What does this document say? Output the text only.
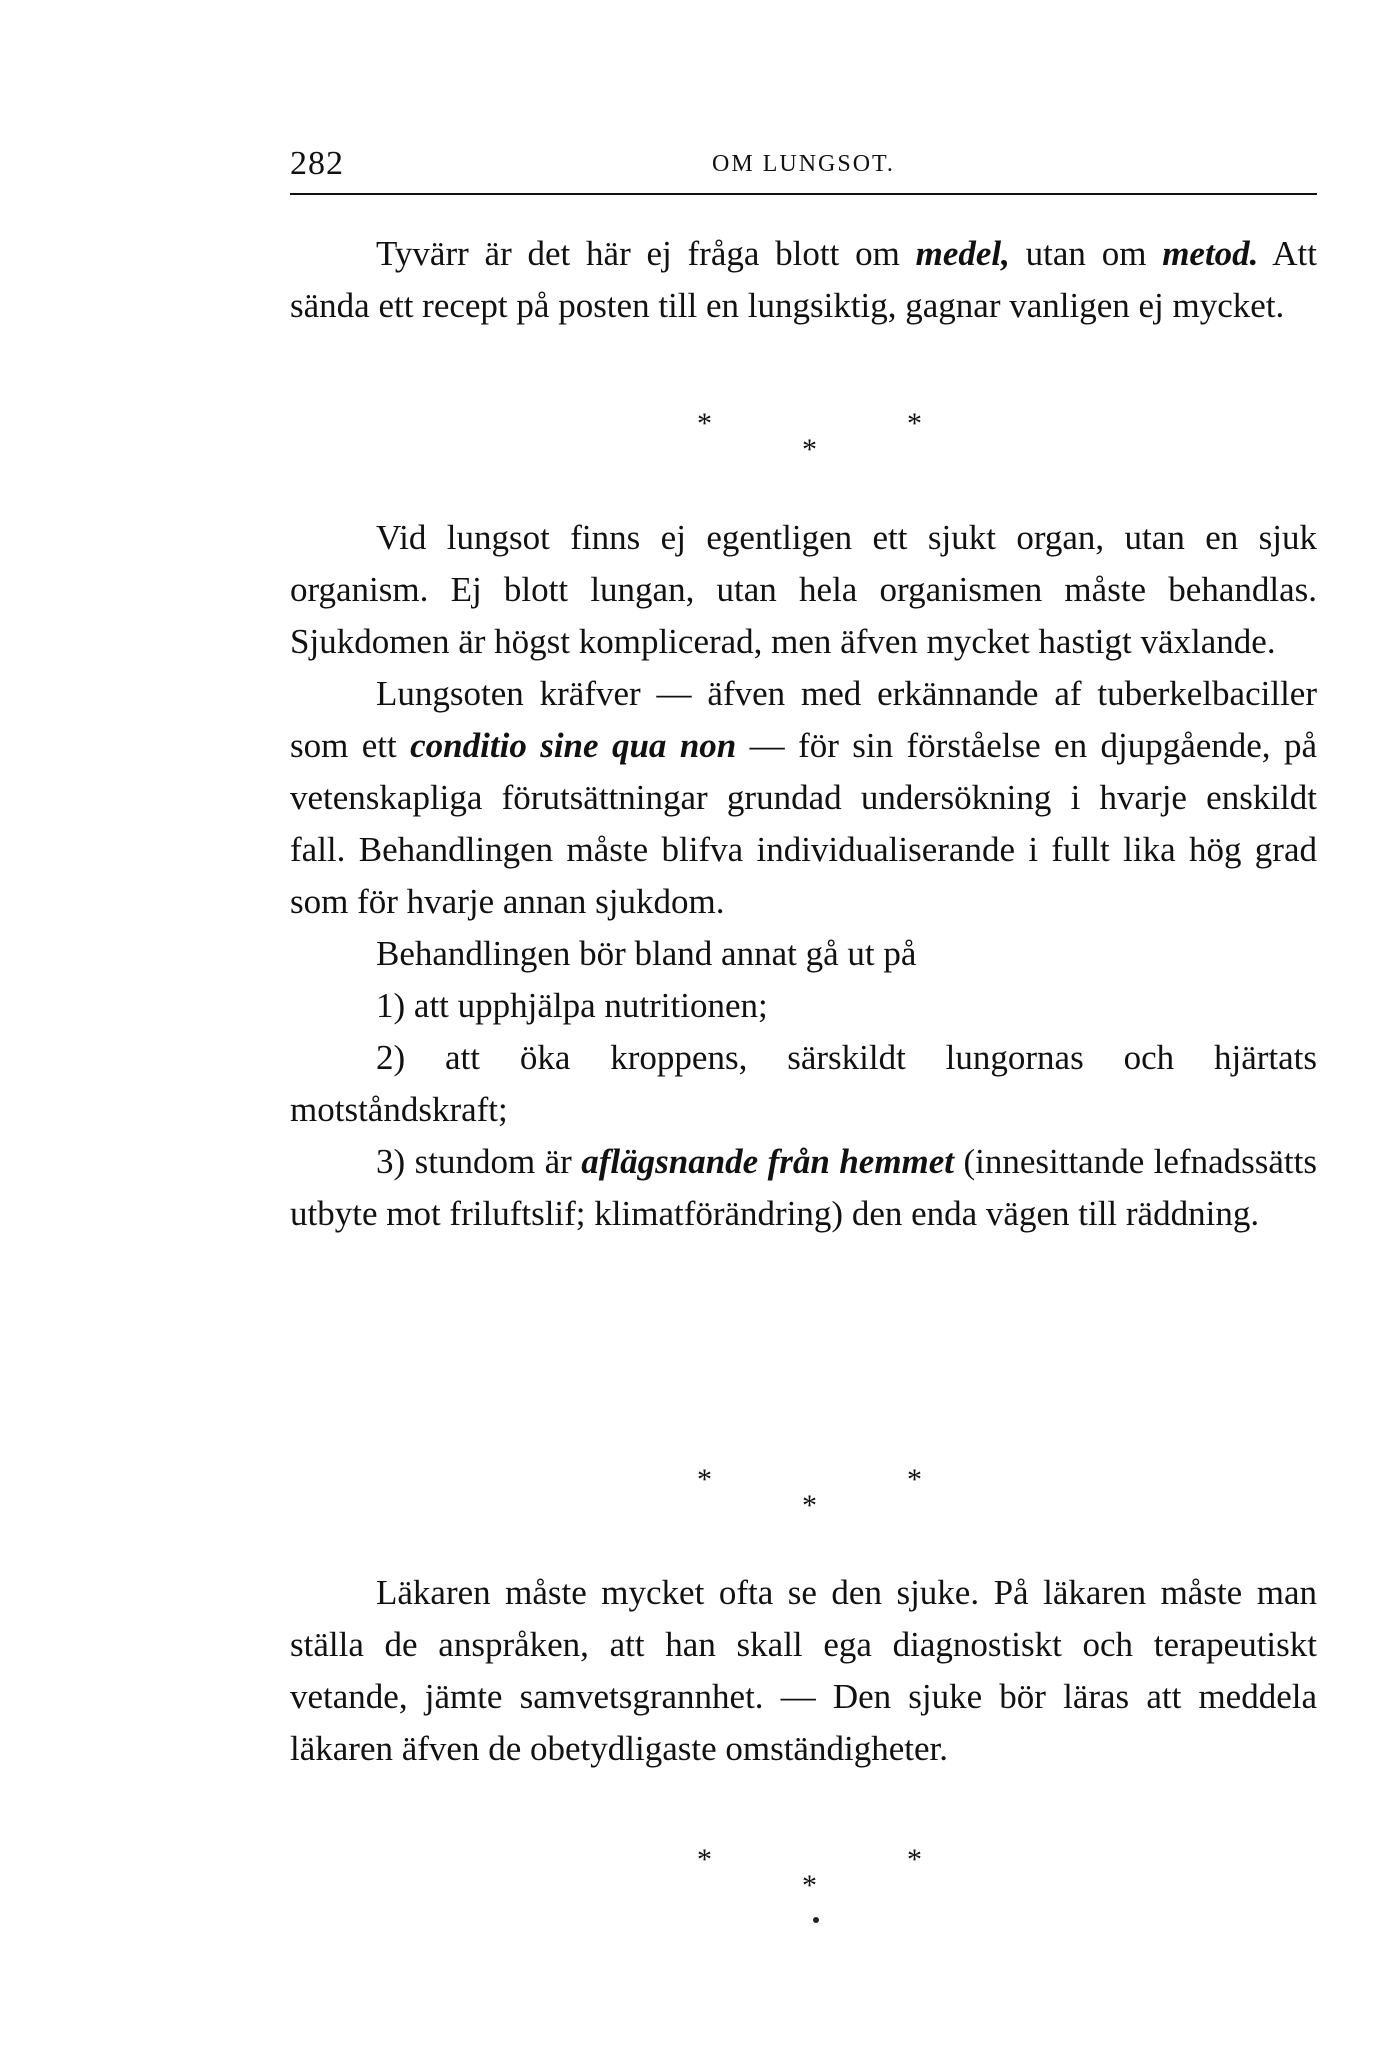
282	OM LUNGSOT.

Tyvärr är det här ej fråga blott om medel, utan om metod. Att sända ett recept på posten till en lungsiktig, gagnar vanligen ej mycket.

*	*
*

Vid lungsot finns ej egentligen ett sjukt organ, utan en sjuk organism. Ej blott lungan, utan hela organismen måste behandlas. Sjukdomen är högst komplicerad, men äfven mycket hastigt växlande.

Lungsoten kräfver — äfven med erkännande af tuberkelbaciller som ett conditio sine qua non — för sin förståelse en djupgående, på vetenskapliga förutsättningar grundad undersökning i hvarje enskildt fall. Behandlingen måste blifva individualiserande i fullt lika hög grad som för hvarje annan sjukdom.

Behandlingen bör bland annat gå ut på

1) att upphjälpa nutritionen;

2) att öka kroppens, särskildt lungornas och hjärtats motståndskraft;

3) stundom är aflägsnande från hemmet (innesittande lefnadssätts utbyte mot friluftslif; klimatförändring) den enda vägen till räddning.

*	*
*

Läkaren måste mycket ofta se den sjuke. På läkaren måste man ställa de anspråken, att han skall ega diagnostiskt och terapeutiskt vetande, jämte samvetsgrannhet. — Den sjuke bör läras att meddela läkaren äfven de obetydligaste omständigheter.

*	*
*
